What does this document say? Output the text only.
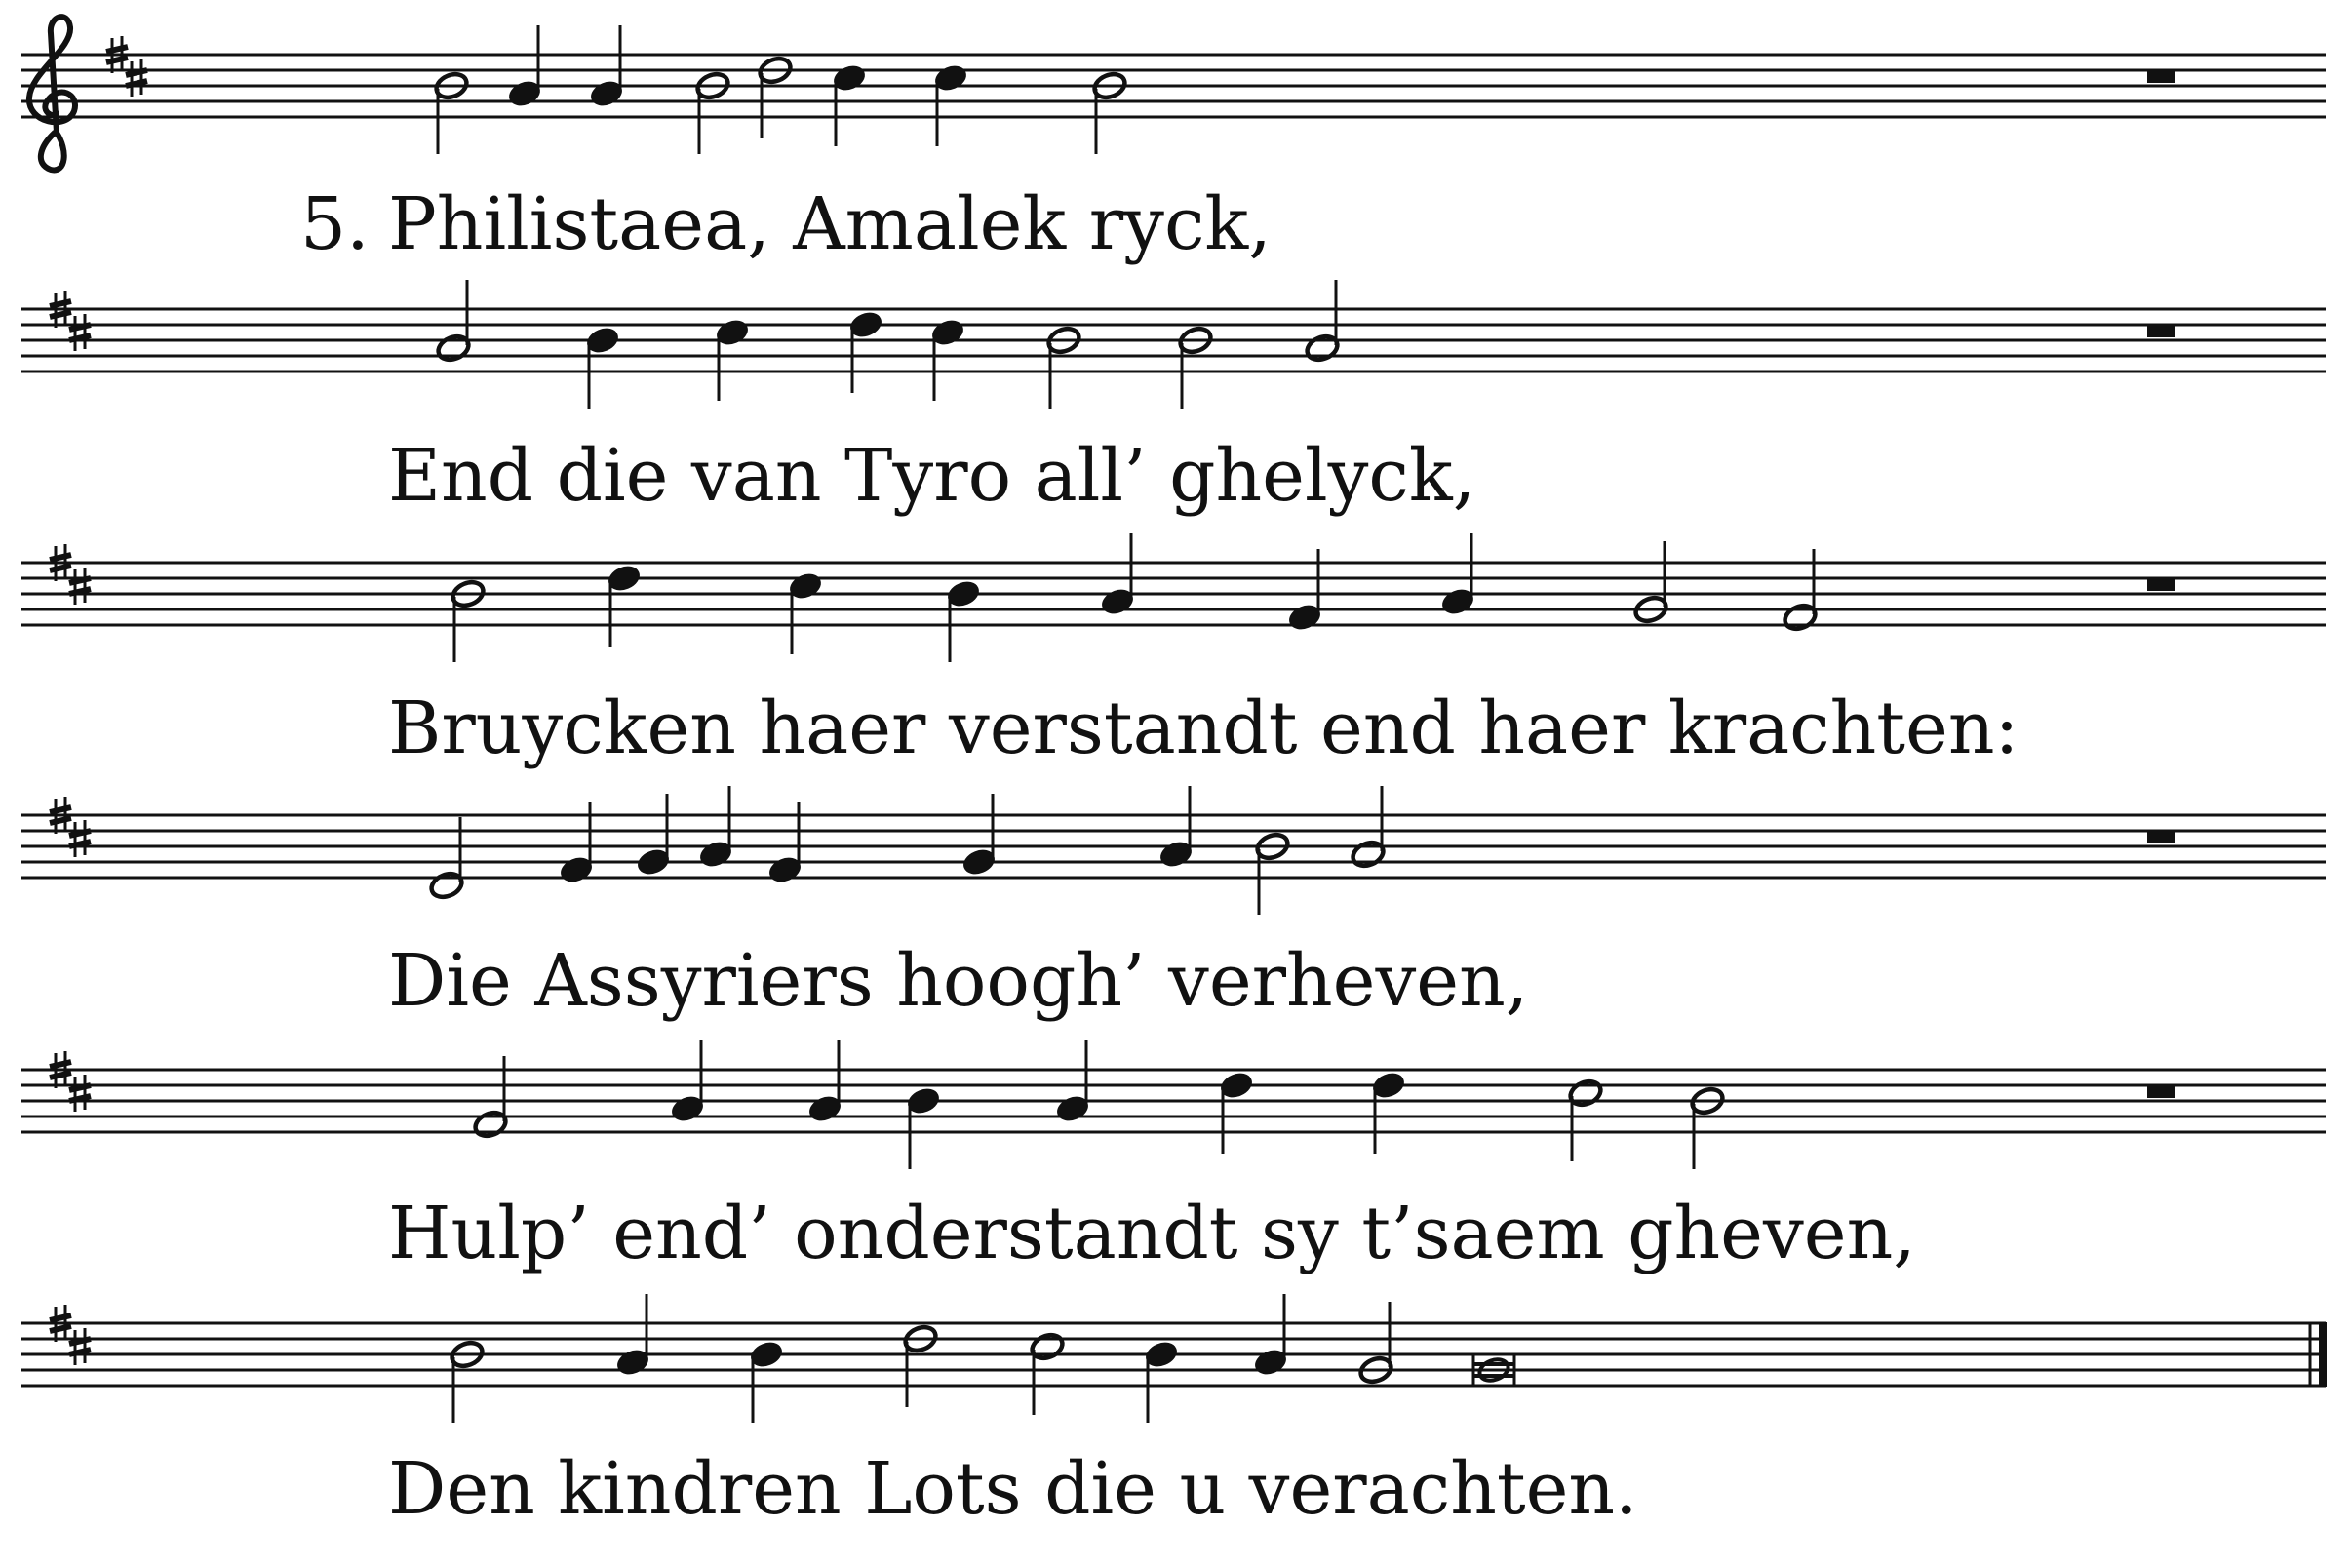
5. Philistaea, Amalek ryck,
End die van Tyro all’ ghelyck,
Bruycken haer verstandt end haer krachten:
Die Assyriers hoogh’ verheven,
Hulp’ end’ onderstandt sy t’saem gheven,
Den kindren Lots die u verachten.
